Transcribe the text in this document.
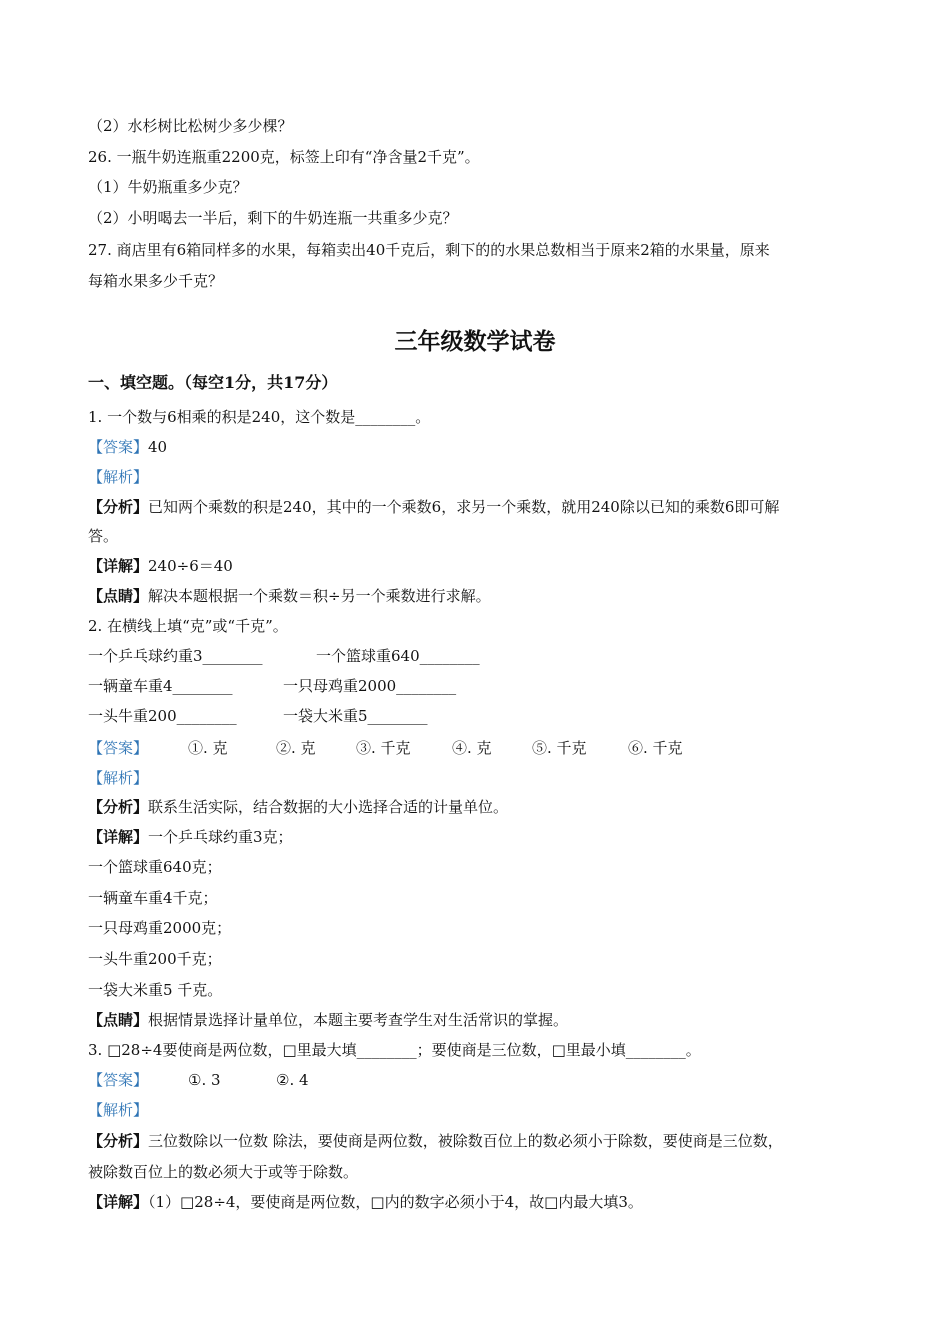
（2）水杉树比松树少多少棵？
26. 一瓶牛奶连瓶重2200克，标签上印有“净含量2千克”。
（1）牛奶瓶重多少克？
（2）小明喝去一半后，剩下的牛奶连瓶一共重多少克？
27. 商店里有6箱同样多的水果，每箱卖出40千克后，剩下的的水果总数相当于原来2箱的水果量，原来
每箱水果多少千克？
三年级数学试卷
一、填空题。（每空1分，共17分）
1. 一个数与6相乘的积是240，这个数是________。
【答案】40
【解析】
【分析】已知两个乘数的积是240，其中的一个乘数6，求另一个乘数，就用240除以已知的乘数6即可解
答。
【详解】240÷6＝40
【点睛】解决本题根据一个乘数＝积÷另一个乘数进行求解。
2. 在横线上填“克”或“千克”。
一个乒乓球约重3________	一个篮球重640________
一辆童车重4________	一只母鸡重2000________
一头牛重200________	一袋大米重5________
【答案】	①. 克	②. 克	③. 千克	④. 克	⑤. 千克	⑥. 千克
【解析】
【分析】联系生活实际，结合数据的大小选择合适的计量单位。
【详解】一个乒乓球约重3克；
一个篮球重640克；
一辆童车重4千克；
一只母鸡重2000克；
一头牛重200千克；
一袋大米重5 千克。
【点睛】根据情景选择计量单位，本题主要考查学生对生活常识的掌握。
3. □28÷4要使商是两位数，□里最大填________；要使商是三位数，□里最小填________。
【答案】	①. 3	②. 4
【解析】
【分析】三位数除以一位数 除法，要使商是两位数，被除数百位上的数必须小于除数，要使商是三位数，
被除数百位上的数必须大于或等于除数。
【详解】（1）□28÷4，要使商是两位数，□内的数字必须小于4，故□内最大填3。
